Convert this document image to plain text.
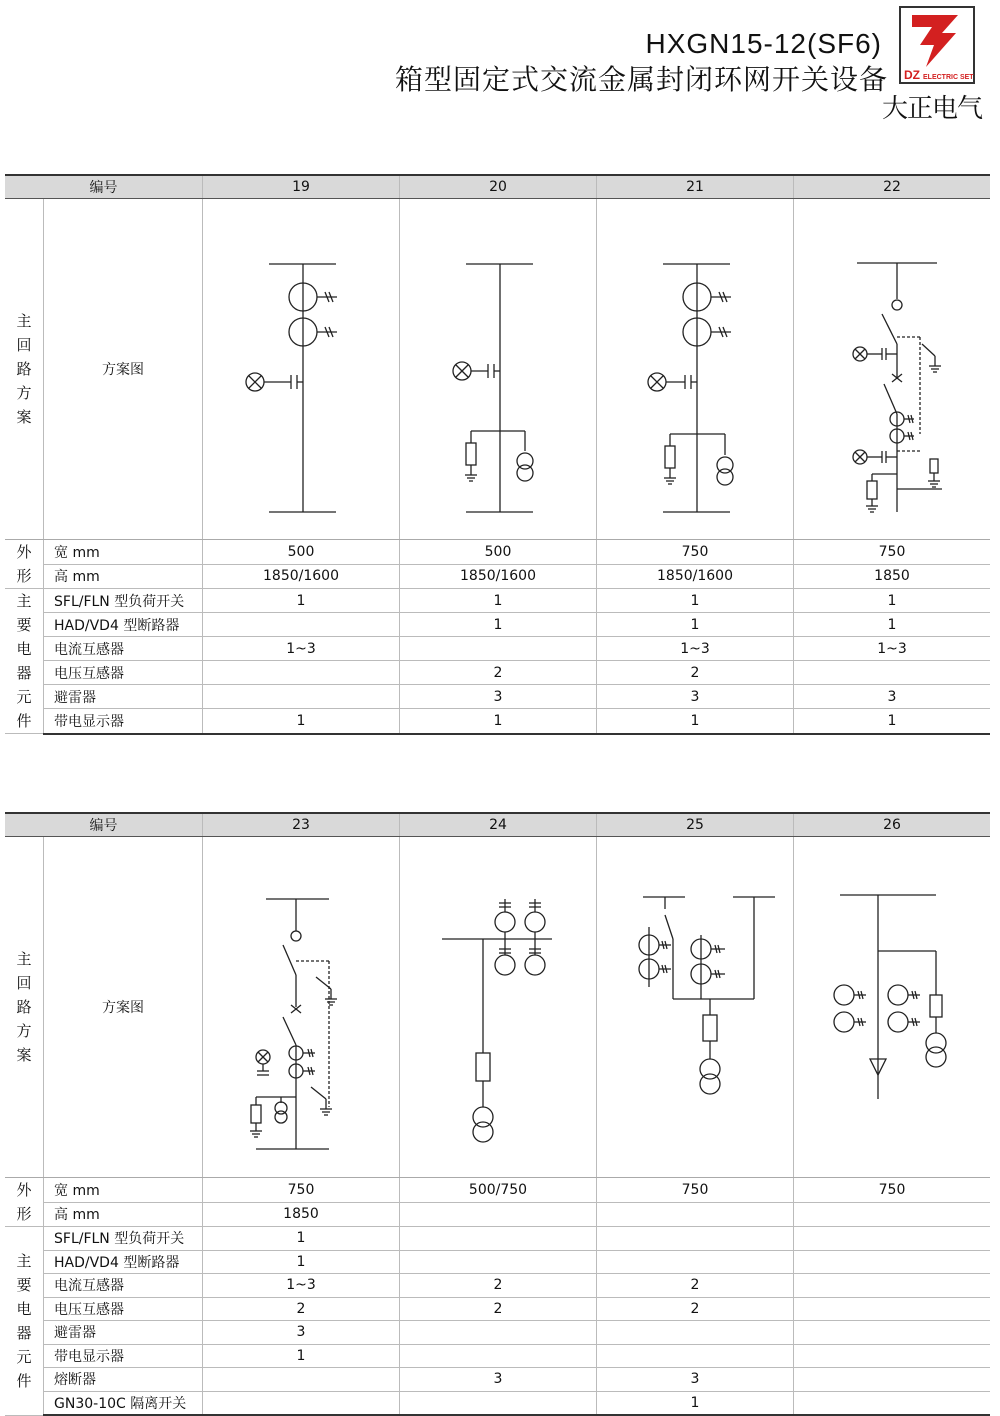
HXGN15-12(SF6)
箱型固定式交流金属封闭环网开关设备 DZ ELECTRIC SET
大正电气
编号		19	20	21	22

主回路方案	方案图	

外形	宽 mm	500	500	750	750
	高 mm	1850/1600	1850/1600	1850/1600	1850

主要电器元件	SFL/FLN 型负荷开关	1	1	1	1
	HAD/VD4 型断路器		1	1	1
	电流互感器	1~3		1~3	1~3
	电压互感器		2	2	
	避雷器		3	3	3
	带电显示器	1	1	1	1
编号		23	24	25	26

主回路方案	方案图	

外形	宽 mm	750	500/750	750	750
	高 mm	1850			

主要电器元件	SFL/FLN 型负荷开关	1			
	HAD/VD4 型断路器	1			
	电流互感器	1~3	2	2	
	电压互感器	2	2	2	
	避雷器	3			
	带电显示器	1			
	熔断器		3	3	
	GN30-10C 隔离开关			1	
